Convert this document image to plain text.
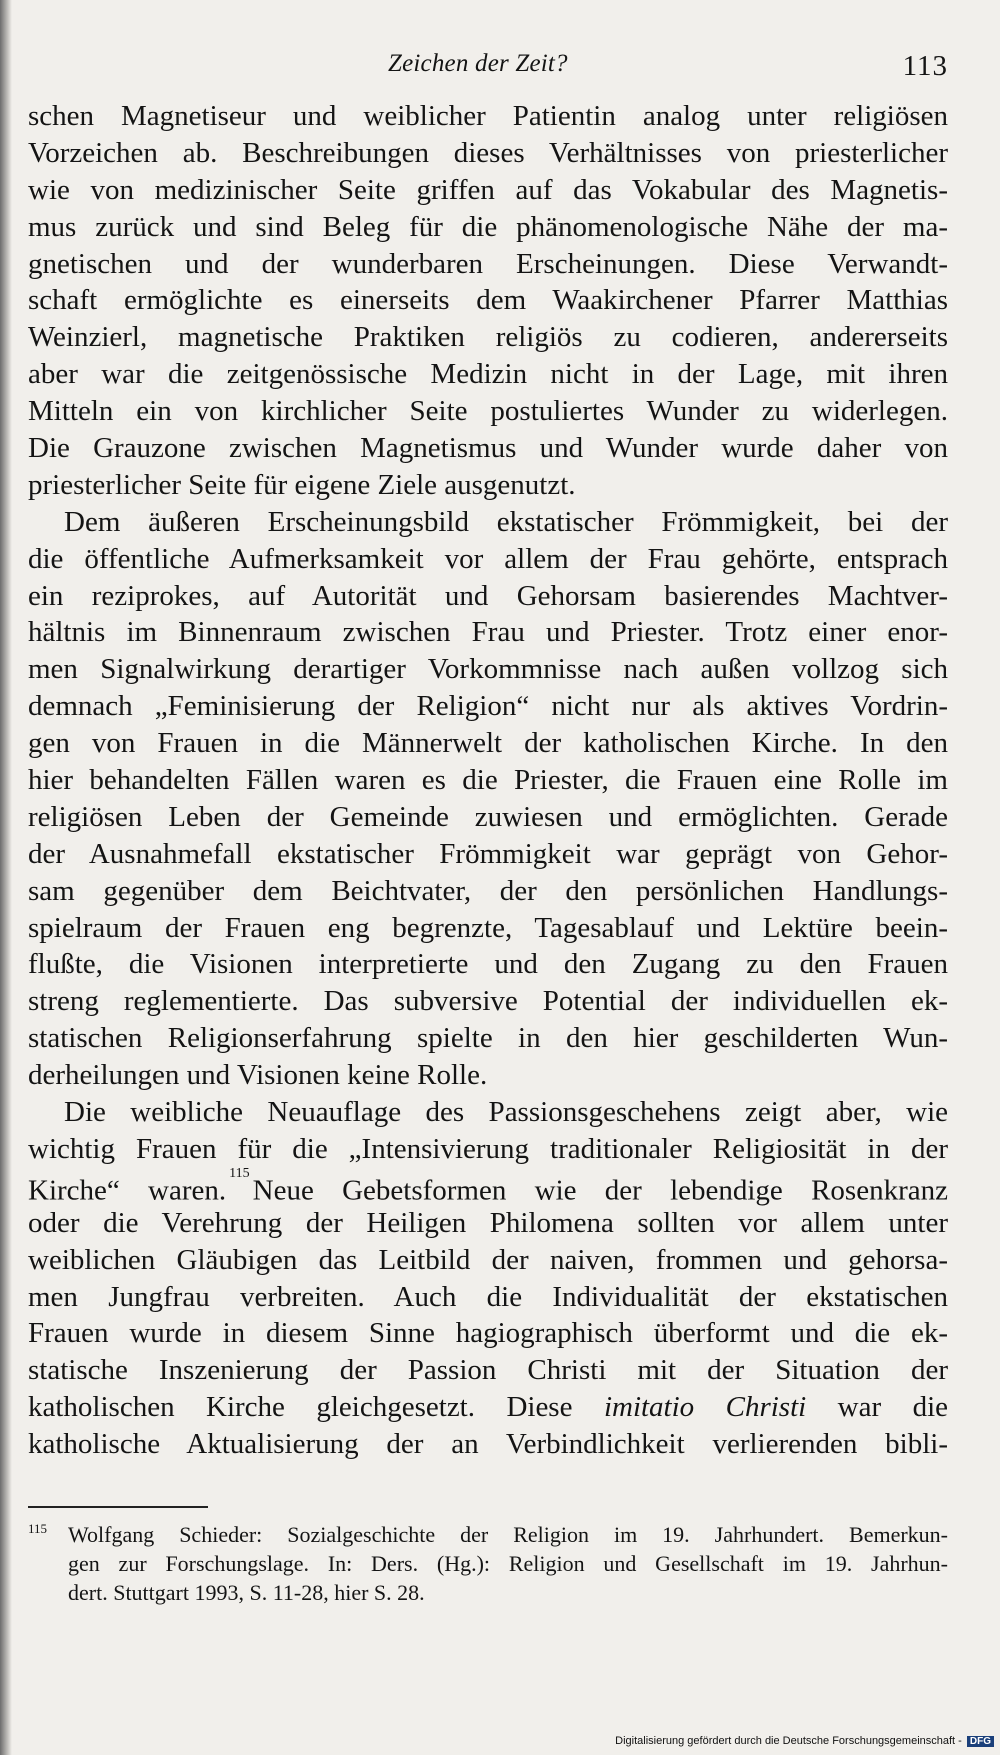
Zeichen der Zeit?	113
schen Magnetiseur und weiblicher Patientin analog unter religiösen
Vorzeichen ab. Beschreibungen dieses Verhältnisses von priesterlicher
wie von medizinischer Seite griffen auf das Vokabular des Magnetis-
mus zurück und sind Beleg für die phänomenologische Nähe der ma-
gnetischen und der wunderbaren Erscheinungen. Diese Verwandt-
schaft ermöglichte es einerseits dem Waakirchener Pfarrer Matthias
Weinzierl, magnetische Praktiken religiös zu codieren, andererseits
aber war die zeitgenössische Medizin nicht in der Lage, mit ihren
Mitteln ein von kirchlicher Seite postuliertes Wunder zu widerlegen.
Die Grauzone zwischen Magnetismus und Wunder wurde daher von
priesterlicher Seite für eigene Ziele ausgenutzt.
Dem äußeren Erscheinungsbild ekstatischer Frömmigkeit, bei der
die öffentliche Aufmerksamkeit vor allem der Frau gehörte, entsprach
ein reziprokes, auf Autorität und Gehorsam basierendes Machtver-
hältnis im Binnenraum zwischen Frau und Priester. Trotz einer enor-
men Signalwirkung derartiger Vorkommnisse nach außen vollzog sich
demnach „Feminisierung der Religion“ nicht nur als aktives Vordrin-
gen von Frauen in die Männerwelt der katholischen Kirche. In den
hier behandelten Fällen waren es die Priester, die Frauen eine Rolle im
religiösen Leben der Gemeinde zuwiesen und ermöglichten. Gerade
der Ausnahmefall ekstatischer Frömmigkeit war geprägt von Gehor-
sam gegenüber dem Beichtvater, der den persönlichen Handlungs-
spielraum der Frauen eng begrenzte, Tagesablauf und Lektüre beein-
flußte, die Visionen interpretierte und den Zugang zu den Frauen
streng reglementierte. Das subversive Potential der individuellen ek-
statischen Religionserfahrung spielte in den hier geschilderten Wun-
derheilungen und Visionen keine Rolle.
Die weibliche Neuauflage des Passionsgeschehens zeigt aber, wie
wichtig Frauen für die „Intensivierung traditionaler Religiosität in der
Kirche“ waren.$^{115}$Neue Gebetsformen wie der lebendige Rosenkranz
oder die Verehrung der Heiligen Philomena sollten vor allem unter
weiblichen Gläubigen das Leitbild der naiven, frommen und gehorsa-
men Jungfrau verbreiten. Auch die Individualität der ekstatischen
Frauen wurde in diesem Sinne hagiographisch überformt und die ek-
statische Inszenierung der Passion Christi mit der Situation der
katholischen Kirche gleichgesetzt. Diese imitatio Christi war die
katholische Aktualisierung der an Verbindlichkeit verlierenden bibli-
115 Wolfgang Schieder: Sozialgeschichte der Religion im 19. Jahrhundert. Bemerkun-
gen zur Forschungslage. In: Ders. (Hg.): Religion und Gesellschaft im 19. Jahrhun-
dert. Stuttgart 1993, S. 11-28, hier S. 28.
Digitalisierung gefördert durch die Deutsche Forschungsgemeinschaft - DFG
